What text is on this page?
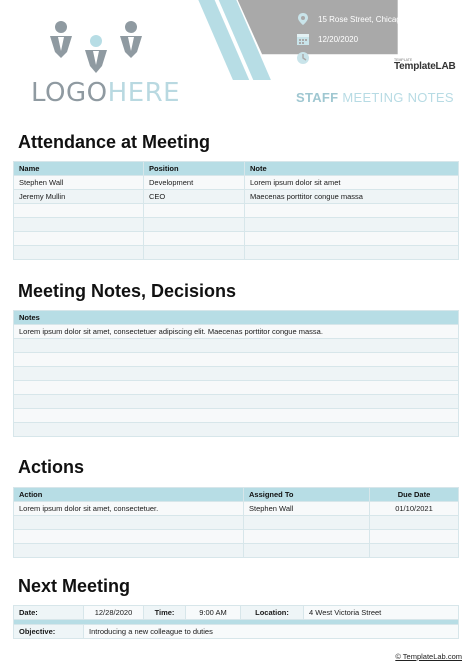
LOGOHERE
15 Rose Street, Chicago
12/20/2020
09:00 AM	TEMPLATE
TemplateLAB
STAFF MEETING NOTES
Attendance at Meeting
Name	Position	Note
Stephen Wall	Development	Lorem ipsum dolor sit amet
Jeremy Mullin	CEO	Maecenas porttitor congue massa

Meeting Notes, Decisions
Notes
Lorem ipsum dolor sit amet, consectetuer adipiscing elit. Maecenas porttitor congue massa.

Actions
Action	Assigned To	Due Date
Lorem ipsum dolor sit amet, consectetuer.	Stephen Wall	01/10/2021

Next Meeting
Date:	12/28/2020	Time:	9:00 AM	Location:	4 West Victoria Street

Objective:	Introducing a new colleague to duties				
© TemplateLab.com
